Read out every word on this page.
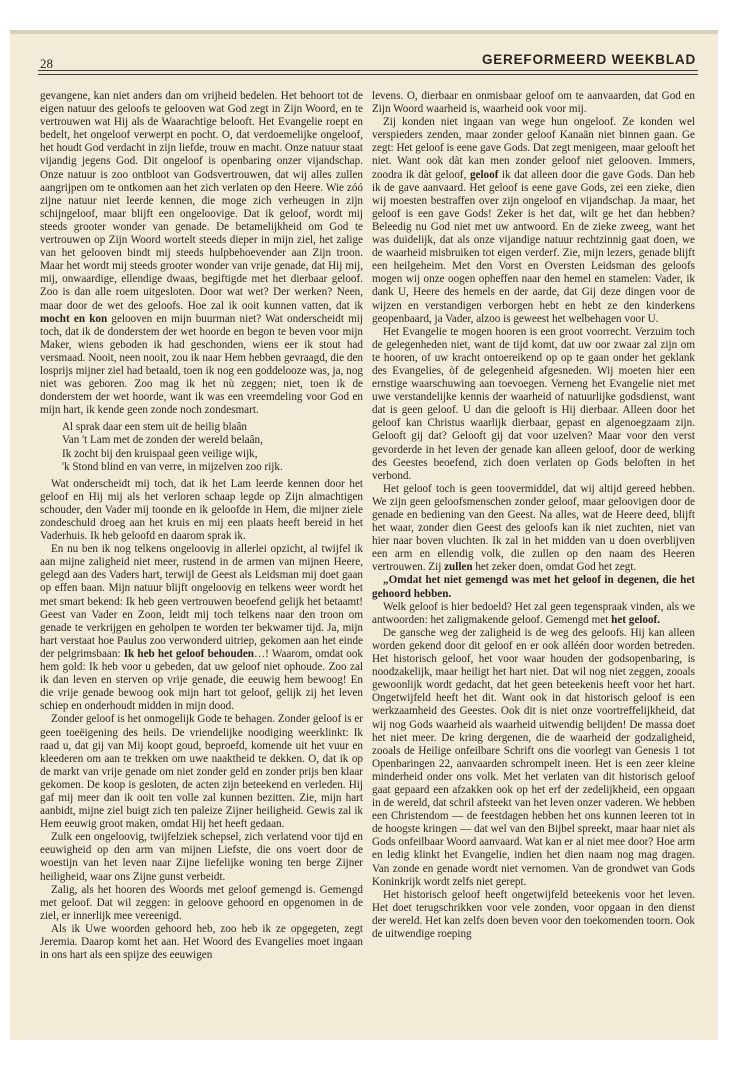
28	GEREFORMEERD WEEKBLAD

gevangene, kan niet anders dan om vrijheid bedelen. Het behoort tot de eigen natuur des geloofs te gelooven wat God zegt in Zijn Woord, en te vertrouwen wat Hij als de Waarachtige belooft. Het Evangelie roept en bedelt, het ongeloof verwerpt en pocht. O, dat verdoemelijke ongeloof, het houdt God verdacht in zijn liefde, trouw en macht. Onze natuur staat vijandig jegens God. Dit ongeloof is openbaring onzer vijandschap. Onze natuur is zoo ontbloot van Godsvertrouwen, dat wij alles zullen aangrijpen om te ontkomen aan het zich verlaten op den Heere. Wie zóó zijne natuur niet leerde kennen, die moge zich verheugen in zijn schijngeloof, maar blijft een ongeloovige. Dat ik geloof, wordt mij steeds grooter wonder van genade. De betamelijkheid om God te vertrouwen op Zijn Woord wortelt steeds dieper in mijn ziel, het zalige van het gelooven bindt mij steeds hulpbehoevender aan Zijn troon. Maar het wordt mij steeds grooter wonder van vrije genade, dat Hij mij, mij, onwaardige, ellendige dwaas, begiftigde met het dierbaar geloof. Zoo is dan alle roem uitgesloten. Door wat wet? Der werken? Neen, maar door de wet des geloofs. Hoe zal ik ooit kunnen vatten, dat ik mocht en kon gelooven en mijn buurman niet? Wat onderscheidt mij toch, dat ik de donderstem der wet hoorde en begon te beven voor mijn Maker, wiens geboden ik had geschonden, wiens eer ik stout had versmaad. Nooit, neen nooit, zou ik naar Hem hebben gevraagd, die den losprijs mijner ziel had betaald, toen ik nog een goddelooze was, ja, nog niet was geboren. Zoo mag ik het nù zeggen; niet, toen ik de donderstem der wet hoorde, want ik was een vreemdeling voor God en mijn hart, ik kende geen zonde noch zondesmart.

Al sprak daar een stem uit de heilig blaân
Van 't Lam met de zonden der wereld belaân,
Ik zocht bij den kruispaal geen veilige wijk,
'k Stond blind en van verre, in mijzelven zoo rijk.

Wat onderscheidt mij toch, dat ik het Lam leerde kennen door het geloof en Hij mij als het verloren schaap legde op Zijn almachtigen schouder, den Vader mij toonde en ik geloofde in Hem, die mijner ziele zondeschuld droeg aan het kruis en mij een plaats heeft bereid in het Vaderhuis. Ik heb geloofd en daarom sprak ik.

En nu ben ik nog telkens ongeloovig in allerlei opzicht, al twijfel ik aan mijne zaligheid niet meer, rustend in de armen van mijnen Heere, gelegd aan des Vaders hart, terwijl de Geest als Leidsman mij doet gaan op effen baan. Mijn natuur blijft ongeloovig en telkens weer wordt het met smart bekend: Ik heb geen vertrouwen beoefend gelijk het betaamt! Geest van Vader en Zoon, leidt mij toch telkens naar den troon om genade te verkrijgen en geholpen te worden ter bekwamer tijd. Ja, mijn hart verstaat hoe Paulus zoo verwonderd uitriep, gekomen aan het einde der pelgrimsbaan: Ik heb het geloof behouden…! Waarom, omdat ook hem gold: Ik heb voor u gebeden, dat uw geloof niet ophoude. Zoo zal ik dan leven en sterven op vrije genade, die eeuwig hem bewoog! En die vrije genade bewoog ook mijn hart tot geloof, gelijk zij het leven schiep en onderhoudt midden in mijn dood.

Zonder geloof is het onmogelijk Gode te behagen. Zonder geloof is er geen toeëigening des heils. De vriendelijke noodiging weerklinkt: Ik raad u, dat gij van Mij koopt goud, beproefd, komende uit het vuur en kleederen om aan te trekken om uwe naaktheid te dekken. O, dat ik op de markt van vrije genade om niet zonder geld en zonder prijs ben klaar gekomen. De koop is gesloten, de acten zijn beteekend en verleden. Hij gaf mij meer dan ik ooit ten volle zal kunnen bezitten. Zie, mijn hart aanbidt, mijne ziel buigt zich ten paleize Zijner heiligheid. Gewis zal ik Hem eeuwig groot maken, omdat Hij het heeft gedaan.

Zulk een ongeloovig, twijfelziek schepsel, zich verlatend voor tijd en eeuwigheid op den arm van mijnen Liefste, die ons voert door de woestijn van het leven naar Zijne liefelijke woning ten berge Zijner heiligheid, waar ons Zijne gunst verbeidt.

Zalig, als het hooren des Woords met geloof gemengd is. Gemengd met geloof. Dat wil zeggen: in geloove gehoord en opgenomen in de ziel, er innerlijk mee vereenigd.

Als ik Uwe woorden gehoord heb, zoo heb ik ze opgegeten, zegt Jeremia. Daarop komt het aan. Het Woord des Evangelies moet ingaan in ons hart als een spijze des eeuwigen

levens. O, dierbaar en onmisbaar geloof om te aanvaarden, dat God en Zijn Woord waarheid is, waarheid ook voor mij.

Zij konden niet ingaan van wege hun ongeloof. Ze konden wel verspieders zenden, maar zonder geloof Kanaän niet binnen gaan. Ge zegt: Het geloof is eene gave Gods. Dat zegt menigeen, maar gelooft het niet. Want ook dàt kan men zonder geloof niet gelooven. Immers, zoodra ik dàt geloof, geloof ik dat alleen door die gave Gods. Dan heb ik de gave aanvaard. Het geloof is eene gave Gods, zei een zieke, dien wij moesten bestraffen over zijn ongeloof en vijandschap. Ja maar, het geloof is een gave Gods! Zeker is het dat, wilt ge het dan hebben? Beleedig nu God niet met uw antwoord. En de zieke zweeg, want het was duidelijk, dat als onze vijandige natuur rechtzinnig gaat doen, we de waarheid misbruiken tot eigen verderf. Zie, mijn lezers, genade blijft een heilgeheim. Met den Vorst en Oversten Leidsman des geloofs mogen wij onze oogen opheffen naar den hemel en stamelen: Vader, ik dank U, Heere des hemels en der aarde, dat Gij deze dingen voor de wijzen en verstandigen verborgen hebt en hebt ze den kinderkens geopenbaard, ja Vader, alzoo is geweest het welbehagen voor U.

Het Evangelie te mogen hooren is een groot voorrecht. Verzuim toch de gelegenheden niet, want de tijd komt, dat uw oor zwaar zal zijn om te hooren, of uw kracht ontoereikend op op te gaan onder het geklank des Evangelies, òf de gelegenheid afgesneden. Wij moeten hier een ernstige waarschuwing aan toevoegen. Verneng het Evangelie niet met uwe verstandelijke kennis der waarheid of natuurlijke godsdienst, want dat is geen geloof. U dan die gelooft is Hij dierbaar. Alleen door het geloof kan Christus waarlijk dierbaar, gepast en algenoegzaam zijn. Gelooft gij dat? Gelooft gij dat voor uzelven? Maar voor den verst gevorderde in het leven der genade kan alleen geloof, door de werking des Geestes beoefend, zich doen verlaten op Gods beloften in het verbond.

Het geloof toch is geen toovermiddel, dat wij altijd gereed hebben. We zijn geen geloofsmenschen zonder geloof, maar geloovigen door de genade en bediening van den Geest. Na alles, wat de Heere deed, blijft het waar, zonder dien Geest des geloofs kan ik niet zuchten, niet van hier naar boven vluchten. Ik zal in het midden van u doen overblijven een arm en ellendig volk, die zullen op den naam des Heeren vertrouwen. Zij zullen het zeker doen, omdat God het zegt.

„Omdat het niet gemengd was met het geloof in degenen, die het gehoord hebben.

Welk geloof is hier bedoeld? Het zal geen tegenspraak vinden, als we antwoorden: het zaligmakende geloof. Gemengd met het geloof.

De gansche weg der zaligheid is de weg des geloofs. Hij kan alleen worden gekend door dit geloof en er ook alléén door worden betreden. Het historisch geloof, het voor waar houden der godsopenbaring, is noodzakelijk, maar heiligt het hart niet. Dat wil nog niet zeggen, zooals gewoonlijk wordt gedacht, dat het geen beteekenis heeft voor het hart. Ongetwijfeld heeft het dit. Want ook in dat historisch geloof is een werkzaamheid des Geestes. Ook dit is niet onze voortreffelijkheid, dat wij nog Gods waarheid als waarheid uitwendig belijden! De massa doet het niet meer. De kring dergenen, die de waarheid der godzaligheid, zooals de Heilige onfeilbare Schrift ons die voorlegt van Genesis 1 tot Openbaringen 22, aanvaarden schrompelt ineen. Het is een zeer kleine minderheid onder ons volk. Met het verlaten van dit historisch geloof gaat gepaard een afzakken ook op het erf der zedelijkheid, een opgaan in de wereld, dat schril afsteekt van het leven onzer vaderen. We hebben een Christendom — de feestdagen hebben het ons kunnen leeren tot in de hoogste kringen — dat wel van den Bijbel spreekt, maar haar niet als Gods onfeilbaar Woord aanvaard. Wat kan er al niet mee door? Hoe arm en ledig klinkt het Evangelie, indien het dien naam nog mag dragen. Van zonde en genade wordt niet vernomen. Van de grondwet van Gods Koninkrijk wordt zelfs niet gerept.

Het historisch geloof heeft ongetwijfeld beteekenis voor het leven. Het doet terugschrikken voor vele zonden, voor opgaan in den dienst der wereld. Het kan zelfs doen beven voor den toekomenden toorn. Ook de uitwendige roeping
